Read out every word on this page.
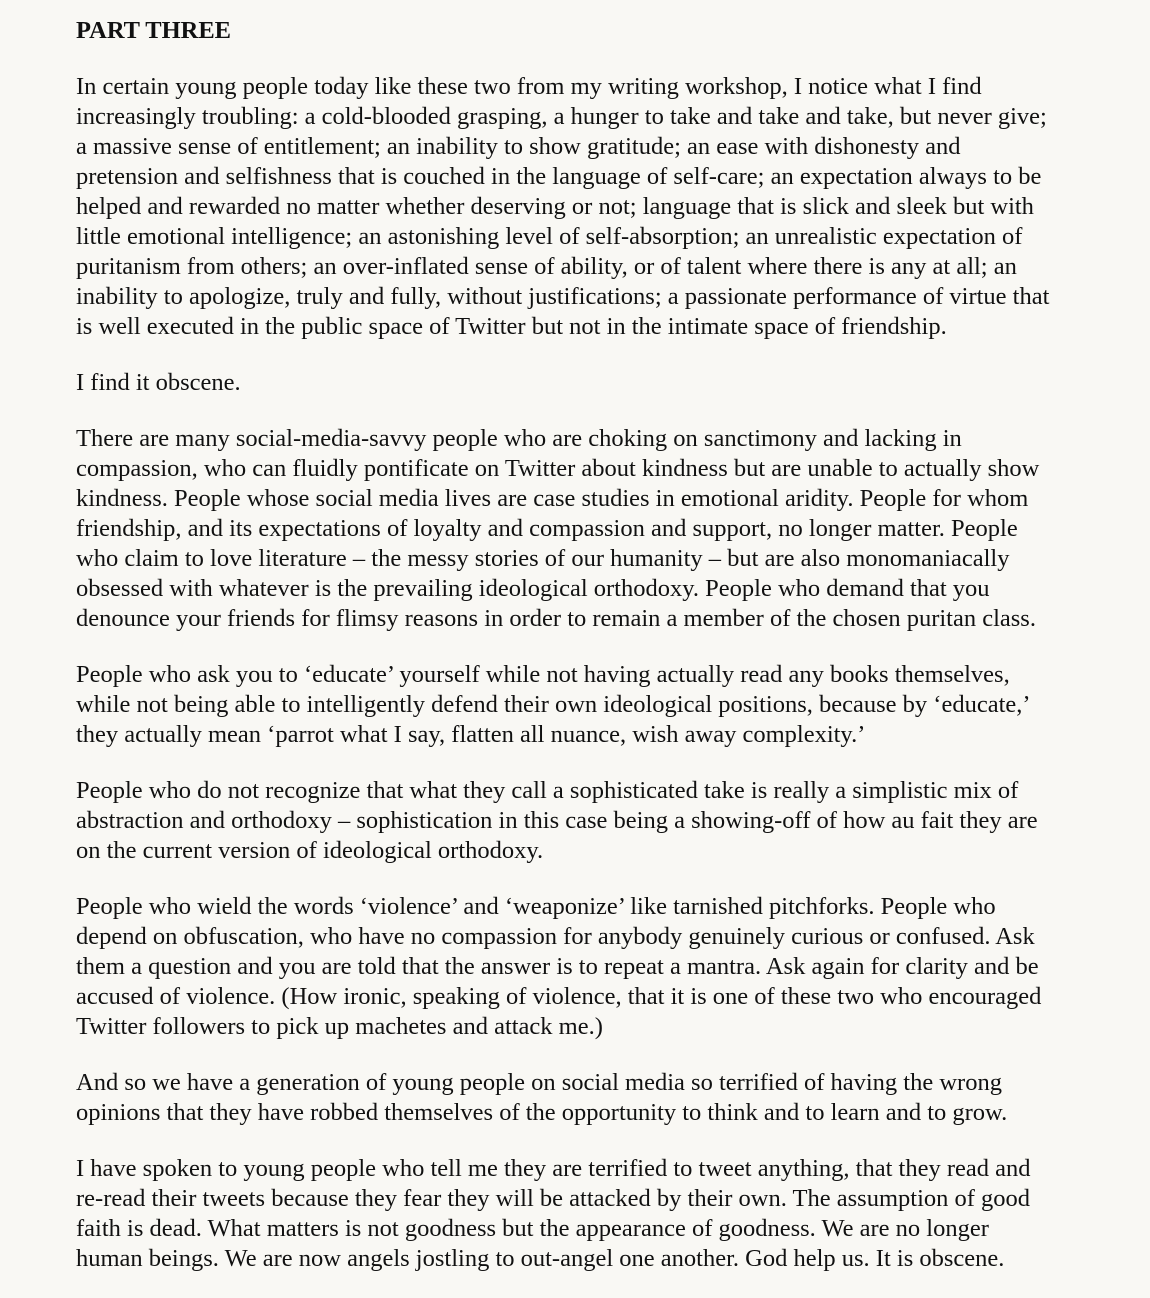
PART THREE

In certain young people today like these two from my writing workshop, I notice what I find
increasingly troubling: a cold-blooded grasping, a hunger to take and take and take, but never give;
a massive sense of entitlement; an inability to show gratitude; an ease with dishonesty and
pretension and selfishness that is couched in the language of self-care; an expectation always to be
helped and rewarded no matter whether deserving or not; language that is slick and sleek but with
little emotional intelligence; an astonishing level of self-absorption; an unrealistic expectation of
puritanism from others; an over-inflated sense of ability, or of talent where there is any at all; an
inability to apologize, truly and fully, without justifications; a passionate performance of virtue that
is well executed in the public space of Twitter but not in the intimate space of friendship.

I find it obscene.

There are many social-media-savvy people who are choking on sanctimony and lacking in
compassion, who can fluidly pontificate on Twitter about kindness but are unable to actually show
kindness. People whose social media lives are case studies in emotional aridity. People for whom
friendship, and its expectations of loyalty and compassion and support, no longer matter. People
who claim to love literature – the messy stories of our humanity – but are also monomaniacally
obsessed with whatever is the prevailing ideological orthodoxy. People who demand that you
denounce your friends for flimsy reasons in order to remain a member of the chosen puritan class.

People who ask you to ‘educate’ yourself while not having actually read any books themselves,
while not being able to intelligently defend their own ideological positions, because by ‘educate,’
they actually mean ‘parrot what I say, flatten all nuance, wish away complexity.’

People who do not recognize that what they call a sophisticated take is really a simplistic mix of
abstraction and orthodoxy – sophistication in this case being a showing-off of how au fait they are
on the current version of ideological orthodoxy.

People who wield the words ‘violence’ and ‘weaponize’ like tarnished pitchforks. People who
depend on obfuscation, who have no compassion for anybody genuinely curious or confused. Ask
them a question and you are told that the answer is to repeat a mantra. Ask again for clarity and be
accused of violence. (How ironic, speaking of violence, that it is one of these two who encouraged
Twitter followers to pick up machetes and attack me.)

And so we have a generation of young people on social media so terrified of having the wrong
opinions that they have robbed themselves of the opportunity to think and to learn and to grow.

I have spoken to young people who tell me they are terrified to tweet anything, that they read and
re-read their tweets because they fear they will be attacked by their own. The assumption of good
faith is dead. What matters is not goodness but the appearance of goodness. We are no longer
human beings. We are now angels jostling to out-angel one another. God help us. It is obscene.
